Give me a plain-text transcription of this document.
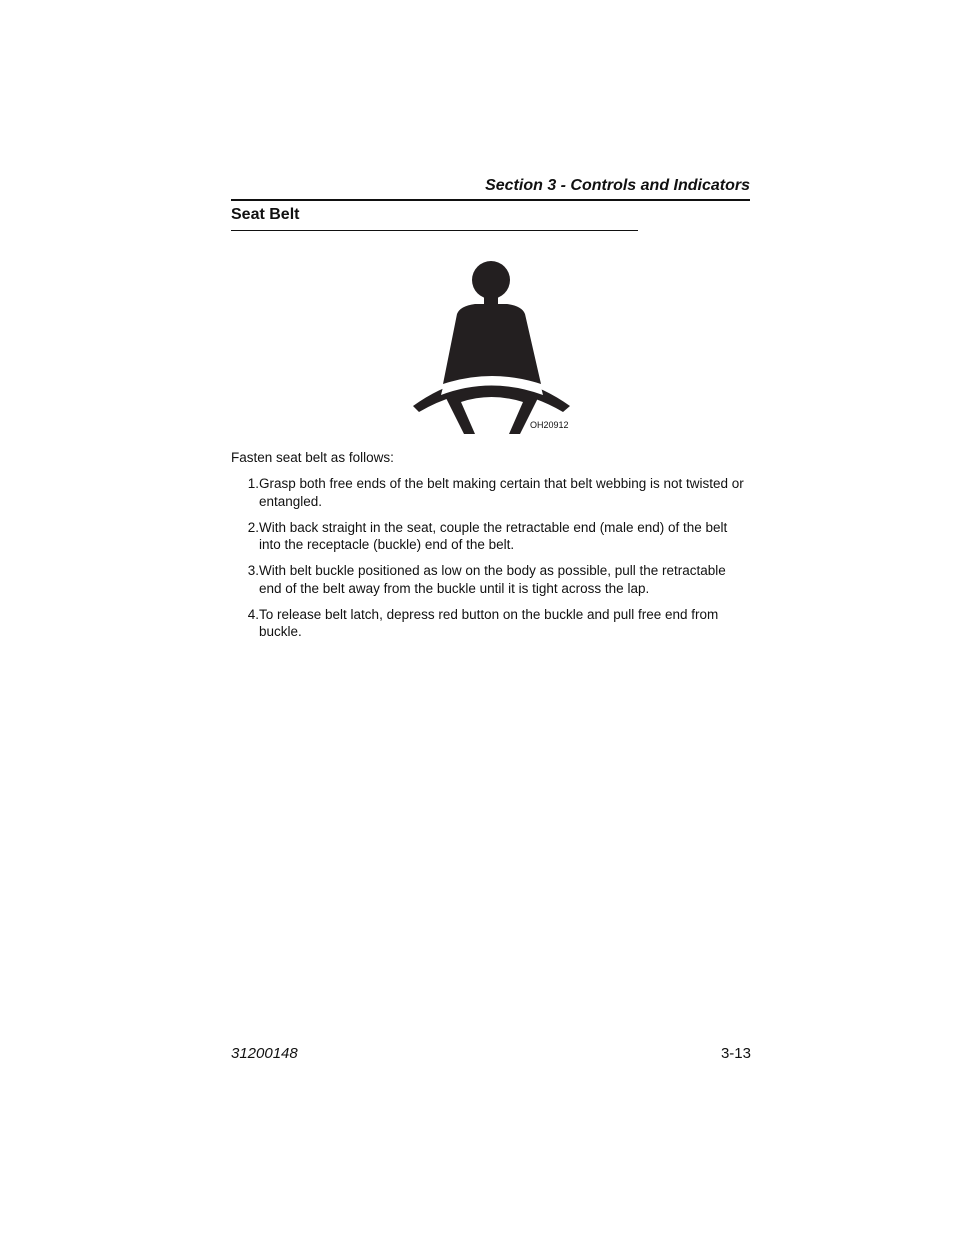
Section 3 - Controls and Indicators
Seat Belt
OH20912
Fasten seat belt as follows:
1. Grasp both free ends of the belt making certain that belt webbing is not twisted or entangled.
2. With back straight in the seat, couple the retractable end (male end) of the belt into the receptacle (buckle) end of the belt.
3. With belt buckle positioned as low on the body as possible, pull the retractable end of the belt away from the buckle until it is tight across the lap.
4. To release belt latch, depress red button on the buckle and pull free end from buckle.
31200148	3-13
